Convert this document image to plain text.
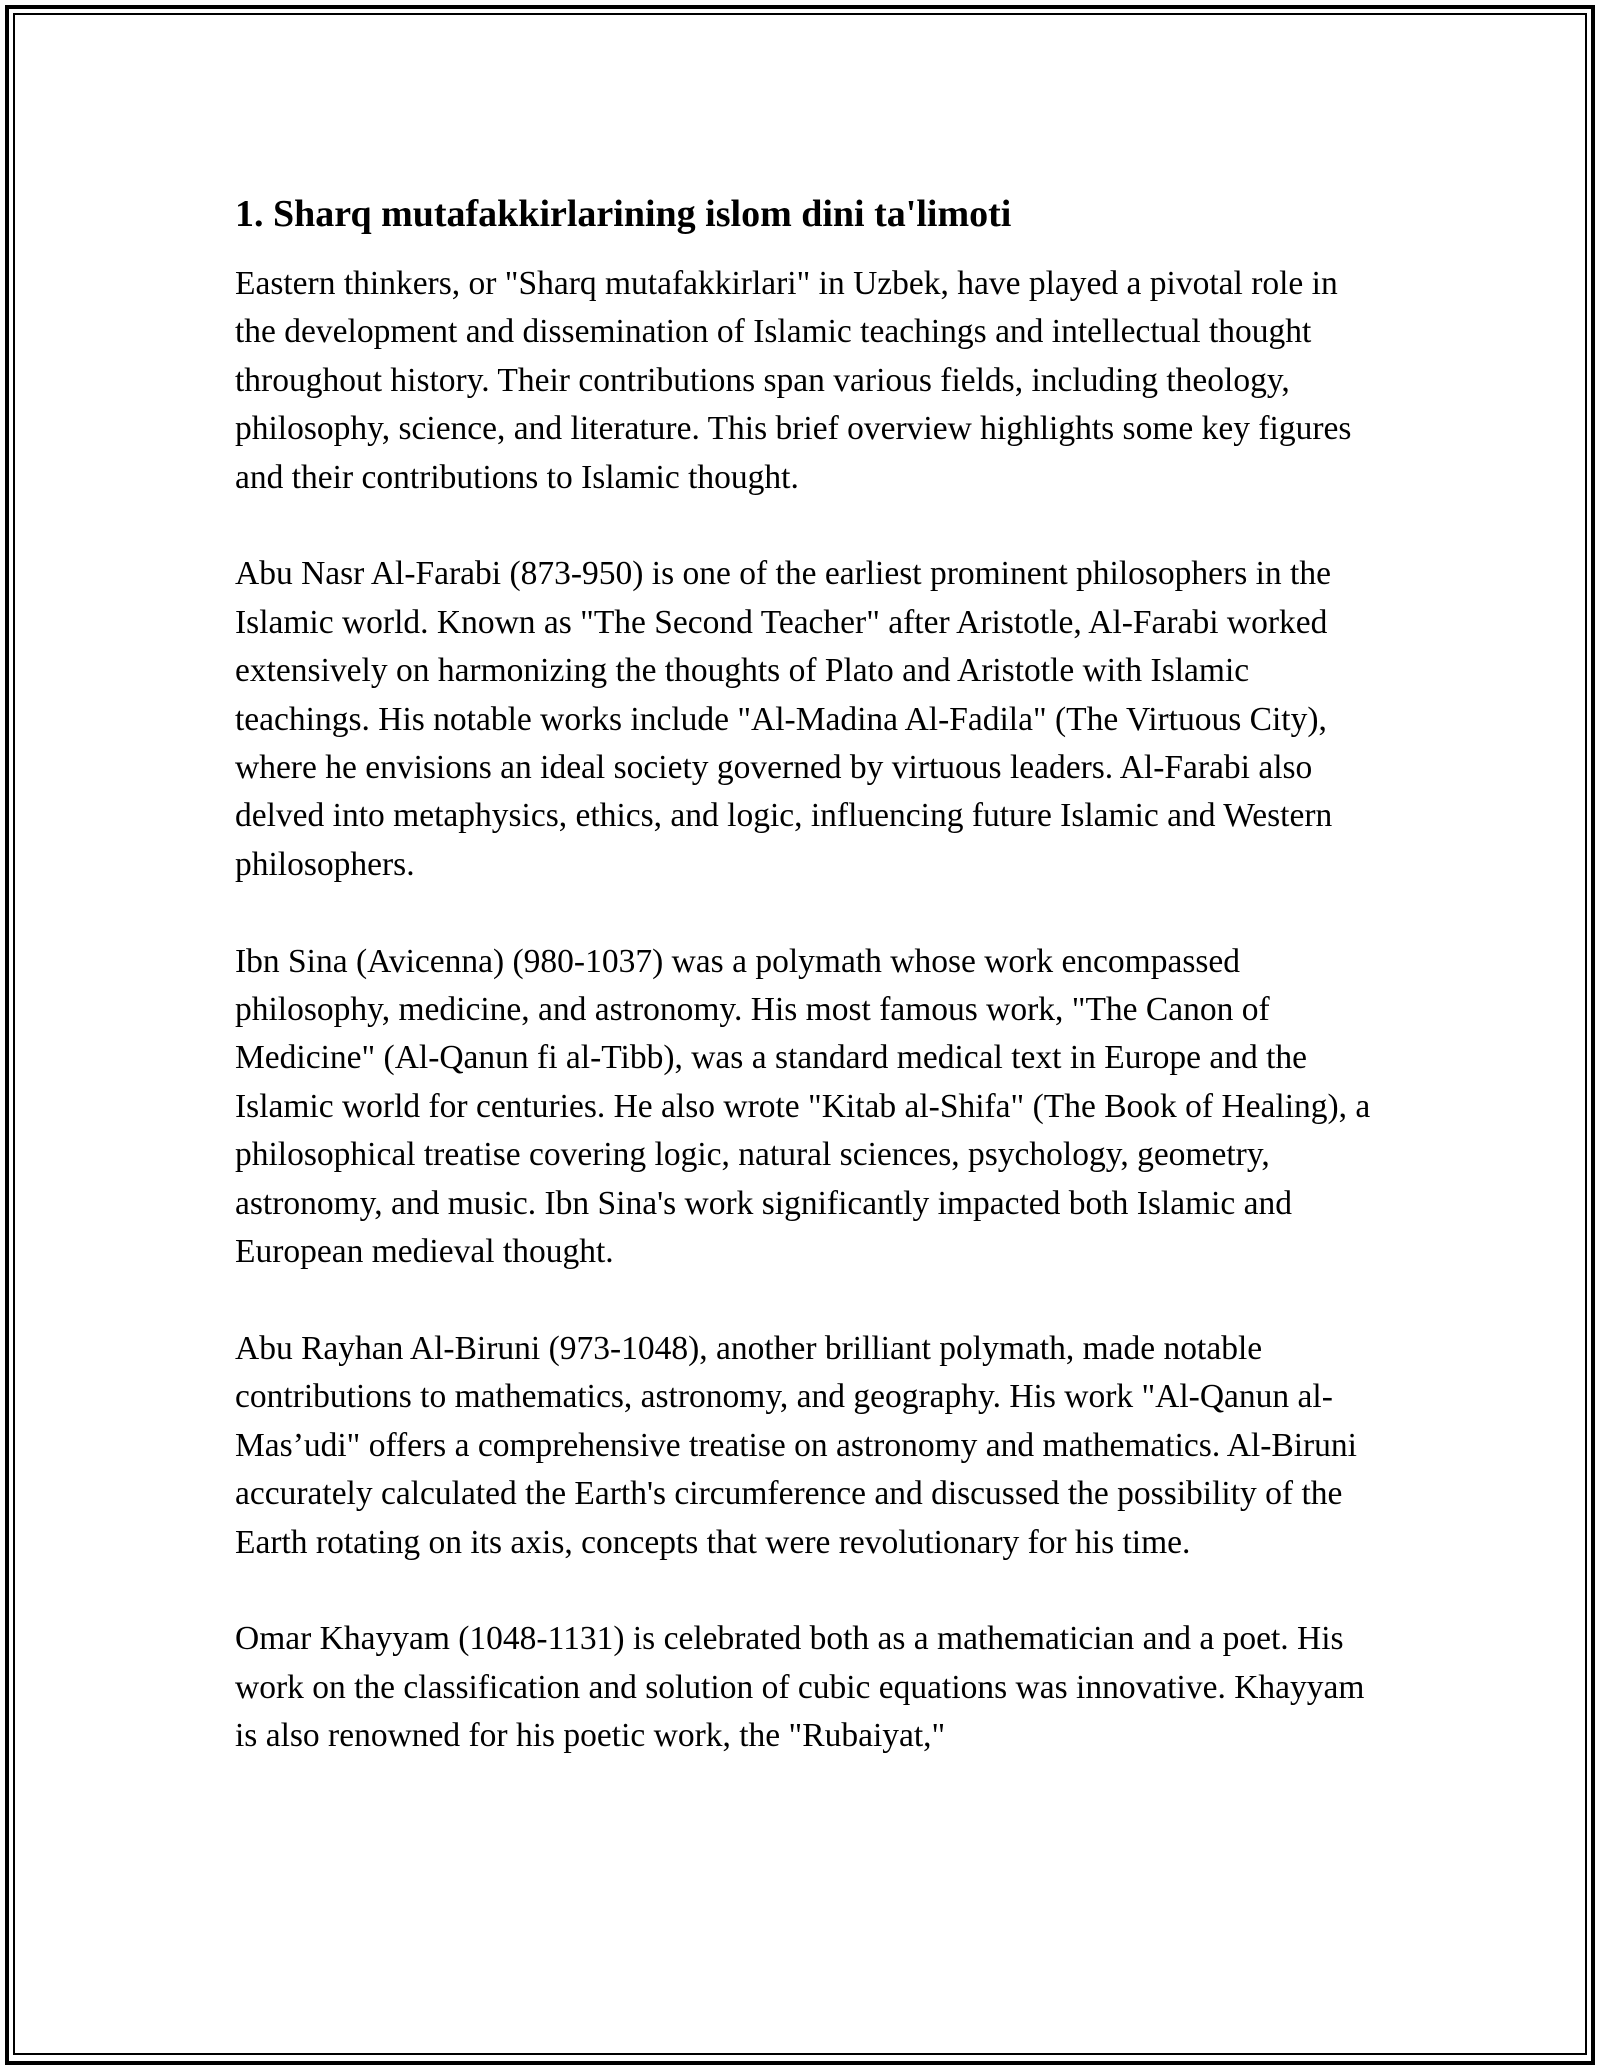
1. Sharq mutafakkirlarining islom dini ta'limoti

Eastern thinkers, or "Sharq mutafakkirlari" in Uzbek, have played a pivotal role in the development and dissemination of Islamic teachings and intellectual thought throughout history. Their contributions span various fields, including theology, philosophy, science, and literature. This brief overview highlights some key figures and their contributions to Islamic thought.

Abu Nasr Al-Farabi (873-950) is one of the earliest prominent philosophers in the Islamic world. Known as "The Second Teacher" after Aristotle, Al-Farabi worked extensively on harmonizing the thoughts of Plato and Aristotle with Islamic teachings. His notable works include "Al-Madina Al-Fadila" (The Virtuous City), where he envisions an ideal society governed by virtuous leaders. Al-Farabi also delved into metaphysics, ethics, and logic, influencing future Islamic and Western philosophers.

Ibn Sina (Avicenna) (980-1037) was a polymath whose work encompassed philosophy, medicine, and astronomy. His most famous work, "The Canon of Medicine" (Al-Qanun fi al-Tibb), was a standard medical text in Europe and the Islamic world for centuries. He also wrote "Kitab al-Shifa" (The Book of Healing), a philosophical treatise covering logic, natural sciences, psychology, geometry, astronomy, and music. Ibn Sina's work significantly impacted both Islamic and European medieval thought.

Abu Rayhan Al-Biruni (973-1048), another brilliant polymath, made notable contributions to mathematics, astronomy, and geography. His work "Al-Qanun al-Mas’udi" offers a comprehensive treatise on astronomy and mathematics. Al-Biruni accurately calculated the Earth's circumference and discussed the possibility of the Earth rotating on its axis, concepts that were revolutionary for his time.

Omar Khayyam (1048-1131) is celebrated both as a mathematician and a poet. His work on the classification and solution of cubic equations was innovative. Khayyam is also renowned for his poetic work, the "Rubaiyat,"
